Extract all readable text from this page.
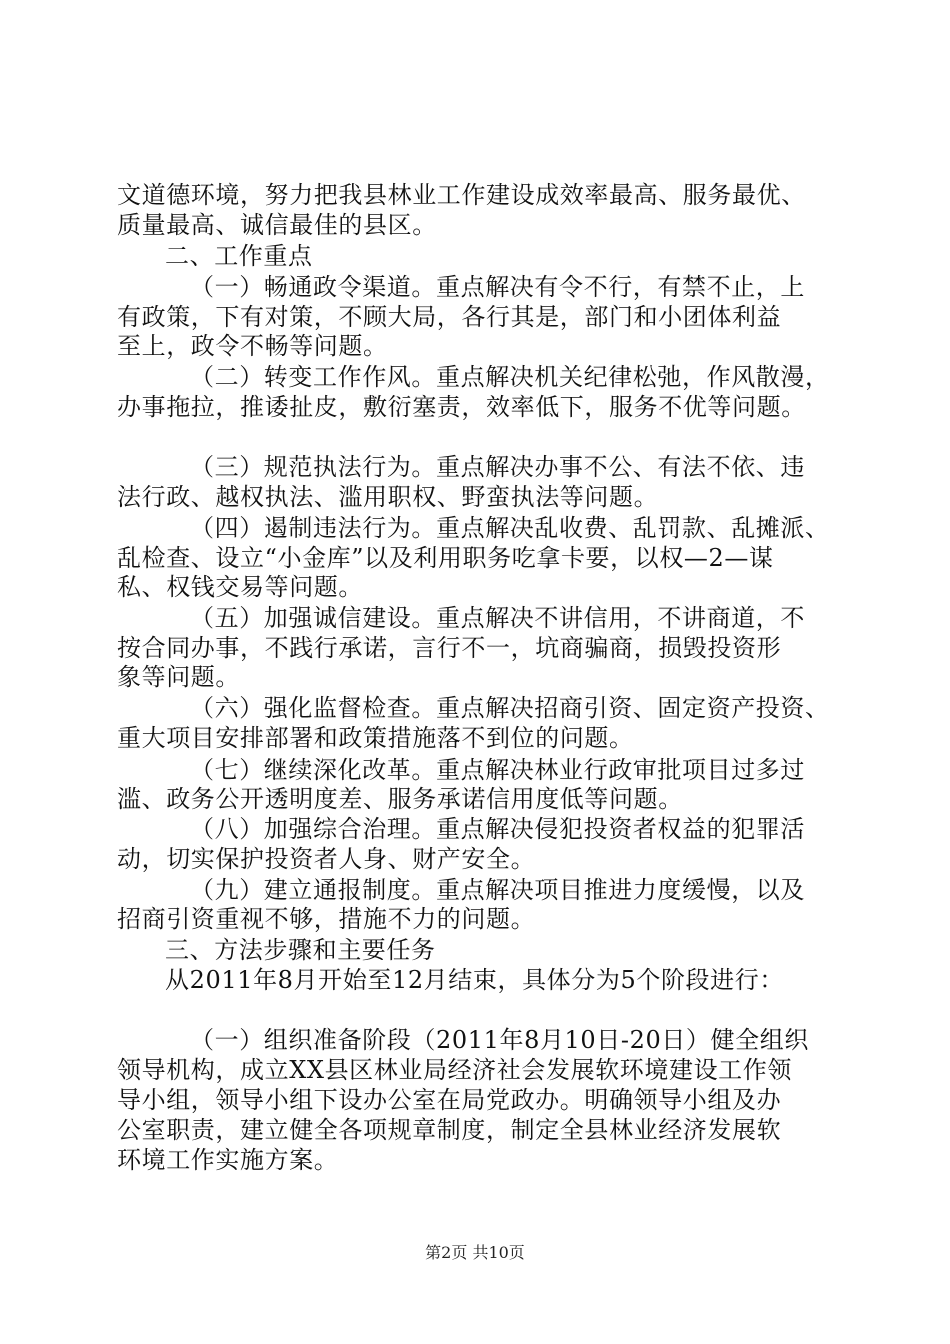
文道德环境，努力把我县林业工作建设成效率最高、服务最优、
质量最高、诚信最佳的县区。
二、工作重点
（一）畅通政令渠道。重点解决有令不行，有禁不止，上
有政策，下有对策，不顾大局，各行其是，部门和小团体利益
至上，政令不畅等问题。
（二）转变工作作风。重点解决机关纪律松弛，作风散漫，
办事拖拉，推诿扯皮，敷衍塞责，效率低下，服务不优等问题。
（三）规范执法行为。重点解决办事不公、有法不依、违
法行政、越权执法、滥用职权、野蛮执法等问题。
（四）遏制违法行为。重点解决乱收费、乱罚款、乱摊派、
乱检查、设立“小金库”以及利用职务吃拿卡要，以权—2—谋
私、权钱交易等问题。
（五）加强诚信建设。重点解决不讲信用，不讲商道，不
按合同办事，不践行承诺，言行不一，坑商骗商，损毁投资形
象等问题。
（六）强化监督检查。重点解决招商引资、固定资产投资、
重大项目安排部署和政策措施落不到位的问题。
（七）继续深化改革。重点解决林业行政审批项目过多过
滥、政务公开透明度差、服务承诺信用度低等问题。
（八）加强综合治理。重点解决侵犯投资者权益的犯罪活
动，切实保护投资者人身、财产安全。
（九）建立通报制度。重点解决项目推进力度缓慢，以及
招商引资重视不够，措施不力的问题。
三、方法步骤和主要任务
从2011年8月开始至12月结束，具体分为5个阶段进行：
（一）组织准备阶段（2011年8月10日-20日）健全组织
领导机构，成立XX县区林业局经济社会发展软环境建设工作领
导小组，领导小组下设办公室在局党政办。明确领导小组及办
公室职责，建立健全各项规章制度，制定全县林业经济发展软
环境工作实施方案。
第2页 共10页
